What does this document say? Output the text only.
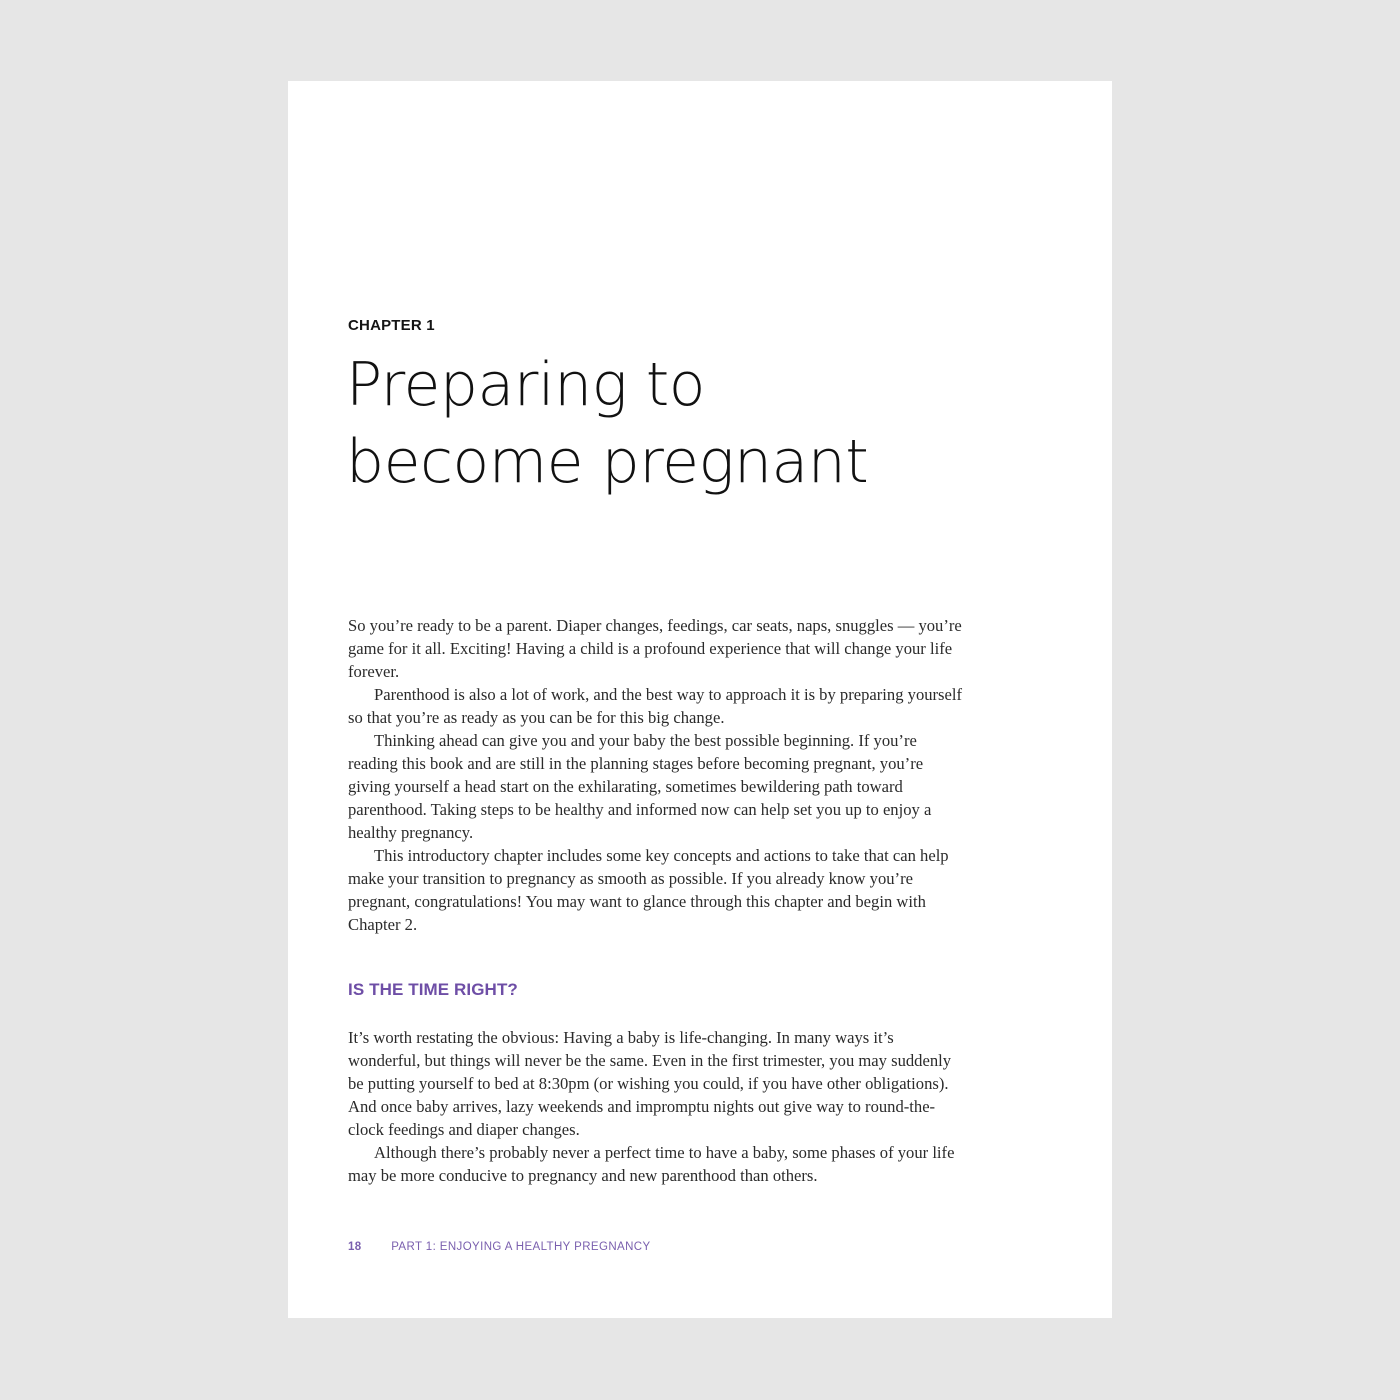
CHAPTER 1

Preparing to
become pregnant

So you’re ready to be a parent. Diaper changes, feedings, car seats, naps, snuggles — you’re game for it all. Exciting! Having a child is a profound experience that will change your life forever.

Parenthood is also a lot of work, and the best way to approach it is by preparing yourself so that you’re as ready as you can be for this big change.

Thinking ahead can give you and your baby the best possible beginning. If you’re reading this book and are still in the planning stages before becoming pregnant, you’re giving yourself a head start on the exhilarating, sometimes bewildering path toward parenthood. Taking steps to be healthy and informed now can help set you up to enjoy a healthy pregnancy.

This introductory chapter includes some key concepts and actions to take that can help make your transition to pregnancy as smooth as possible. If you already know you’re pregnant, congratulations! You may want to glance through this chapter and begin with Chapter 2.

IS THE TIME RIGHT?

It’s worth restating the obvious: Having a baby is life-changing. In many ways it’s wonderful, but things will never be the same. Even in the first trimester, you may suddenly be putting yourself to bed at 8:30pm (or wishing you could, if you have other obligations). And once baby arrives, lazy weekends and impromptu nights out give way to round-the-clock feedings and diaper changes.

Although there’s probably never a perfect time to have a baby, some phases of your life may be more conducive to pregnancy and new parenthood than others.

18	PART 1: ENJOYING A HEALTHY PREGNANCY
